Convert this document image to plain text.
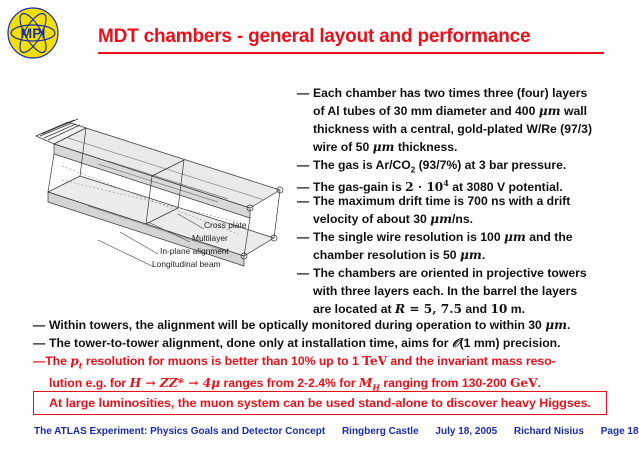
MPI	MDT chambers - general layout and performance
Cross plate
Multilayer
In-plane alignment
Longitudinal beam
— Each chamber has two times three (four) layers
of Al tubes of 30 mm diameter and 400 μm wall
thickness with a central, gold-plated W/Re (97/3)
wire of 50 μm thickness.
— The gas is $Ar/CO_2$ (93/7%) at 3 bar pressure.
— The gas-gain is $2 \cdot 10^4$ at 3080 V potential.
— The maximum drift time is 700 ns with a drift
velocity of about 30 μm/ns.
— The single wire resolution is 100 μm and the
chamber resolution is 50 μm.
— The chambers are oriented in projective towers
with three layers each. In the barrel the layers
are located at R = 5, 7.5 and 10 m.
— Within towers, the alignment will be optically monitored during operation to within 30 μm.
— The tower-to-tower alignment, done only at installation time, aims for 𝒪(1 mm) precision.
—The $p_t$ resolution for muons is better than 10% up to 1 TeV and the invariant mass reso-
lution e.g. for H → ZZ* → 4μ ranges from 2-2.4% for $M_H$ ranging from 130-200 GeV.
At large luminosities, the muon system can be used stand-alone to discover heavy Higgses.
The ATLAS Experiment: Physics Goals and Detector Concept Ringberg Castle July 18, 2005 Richard Nisius Page 18
